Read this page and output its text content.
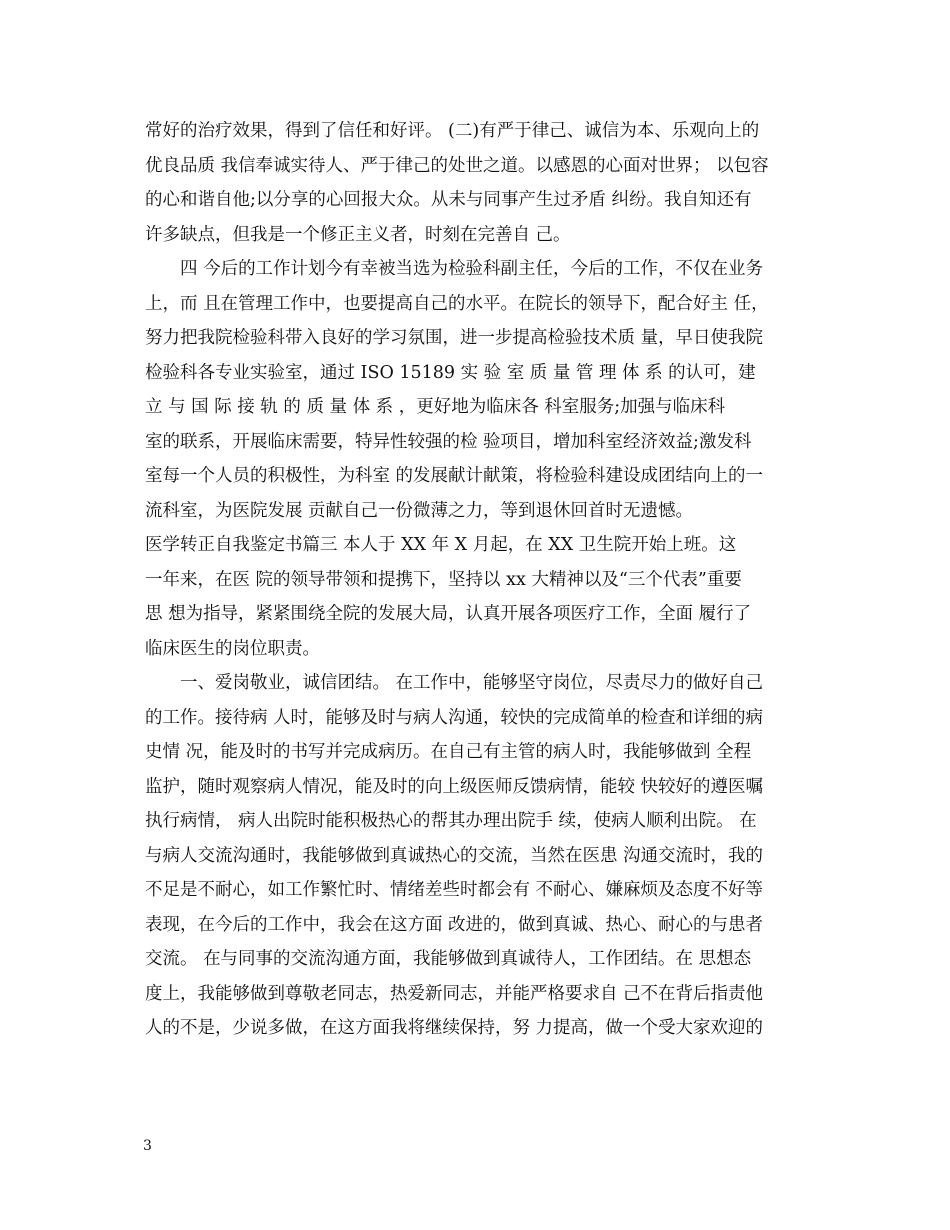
常好的治疗效果，得到了信任和好评。 (二)有严于律己、诚信为本、乐观向上的
优良品质 我信奉诚实待人、严于律己的处世之道。以感恩的心面对世界； 以包容
的心和谐自他;以分享的心回报大众。从未与同事产生过矛盾 纠纷。我自知还有
许多缺点，但我是一个修正主义者，时刻在完善自 己。
四 今后的工作计划今有幸被当选为检验科副主任，今后的工作，不仅在业务
上，而 且在管理工作中，也要提高自己的水平。在院长的领导下，配合好主 任，
努力把我院检验科带入良好的学习氛围，进一步提高检验技术质 量，早日使我院
检验科各专业实验室，通过 ISO 15189 实 验 室 质 量 管 理 体 系 的认可，建
立 与 国 际 接 轨 的 质 量 体 系 ，更好地为临床各 科室服务;加强与临床科
室的联系，开展临床需要，特异性较强的检 验项目，增加科室经济效益;激发科
室每一个人员的积极性，为科室 的发展献计献策，将检验科建设成团结向上的一
流科室，为医院发展 贡献自己一份微薄之力，等到退休回首时无遗憾。
医学转正自我鉴定书篇三 本人于 XX 年 X 月起，在 XX 卫生院开始上班。这
一年来，在医 院的领导带领和提携下，坚持以 xx 大精神以及“三个代表”重要
思 想为指导，紧紧围绕全院的发展大局，认真开展各项医疗工作，全面 履行了
临床医生的岗位职责。
一、爱岗敬业，诚信团结。 在工作中，能够坚守岗位，尽责尽力的做好自己
的工作。接待病 人时，能够及时与病人沟通，较快的完成简单的检查和详细的病
史情 况，能及时的书写并完成病历。在自己有主管的病人时，我能够做到 全程
监护，随时观察病人情况，能及时的向上级医师反馈病情，能较 快较好的遵医嘱
执行病情， 病人出院时能积极热心的帮其办理出院手 续，使病人顺利出院。 在
与病人交流沟通时，我能够做到真诚热心的交流，当然在医患 沟通交流时，我的
不足是不耐心，如工作繁忙时、情绪差些时都会有 不耐心、嫌麻烦及态度不好等
表现，在今后的工作中，我会在这方面 改进的，做到真诚、热心、耐心的与患者
交流。 在与同事的交流沟通方面，我能够做到真诚待人，工作团结。在 思想态
度上，我能够做到尊敬老同志，热爱新同志，并能严格要求自 己不在背后指责他
人的不是，少说多做，在这方面我将继续保持，努 力提高，做一个受大家欢迎的
3
